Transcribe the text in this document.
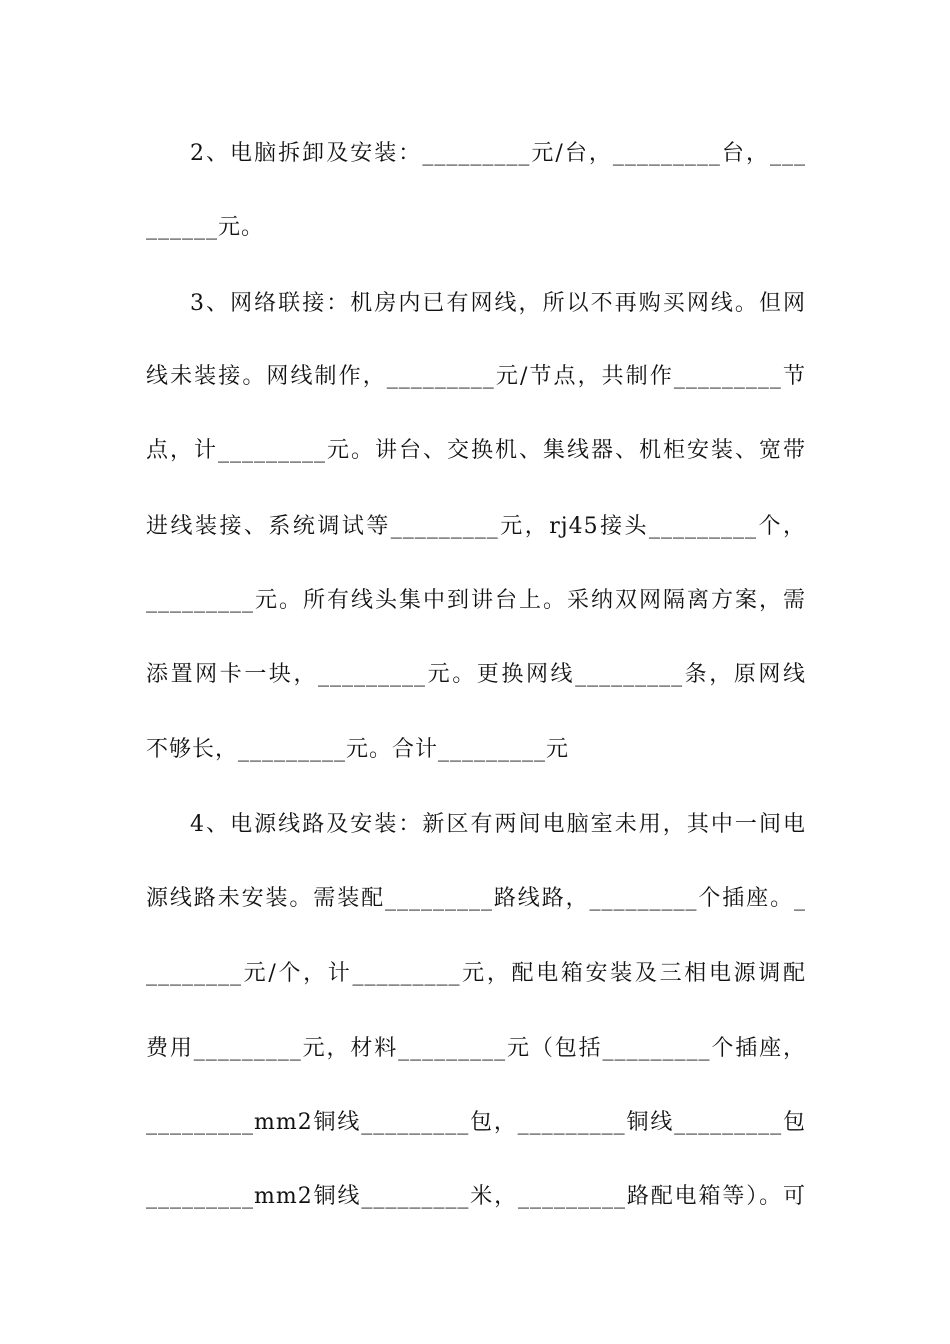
2、电脑拆卸及安装：_________元/台，_________台，___
______元。
3、网络联接：机房内已有网线，所以不再购买网线。但网
线未装接。网线制作，_________元/节点，共制作_________节
点，计_________元。讲台、交换机、集线器、机柜安装、宽带
进线装接、系统调试等_________元，rj45接头_________个，
_________元。所有线头集中到讲台上。采纳双网隔离方案，需
添置网卡一块，_________元。更换网线_________条，原网线
不够长，_________元。合计_________元
4、电源线路及安装：新区有两间电脑室未用，其中一间电
源线路未安装。需装配_________路线路，_________个插座。_
________元/个，计_________元，配电箱安装及三相电源调配
费用_________元，材料_________元（包括_________个插座，
_________mm2铜线_________包，_________铜线_________包
_________mm2铜线_________米，_________路配电箱等）。可
